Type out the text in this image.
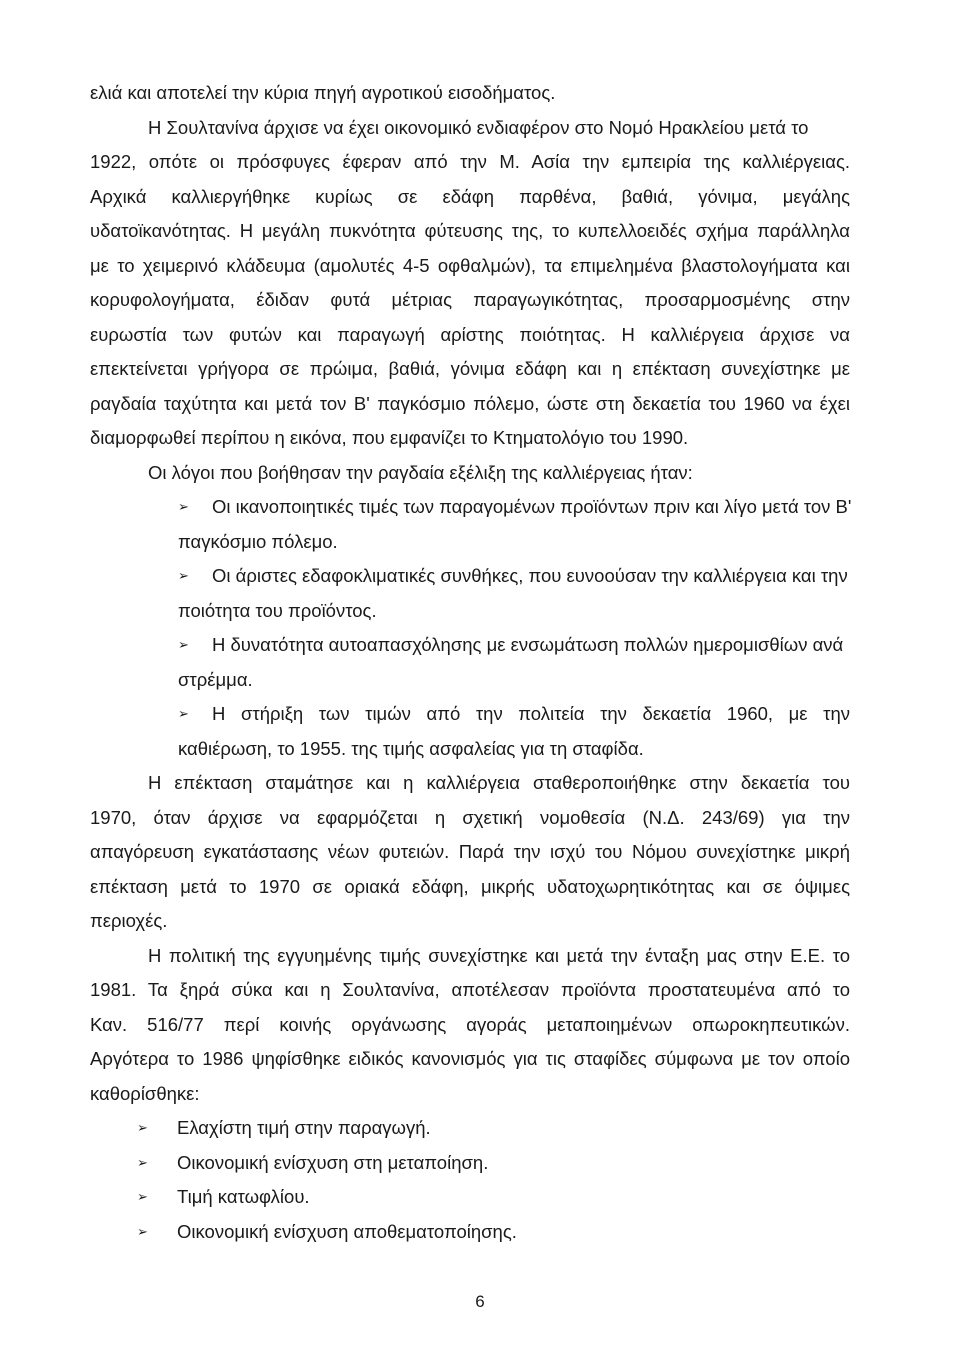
ελιά και αποτελεί την κύρια πηγή αγροτικού εισοδήματος.
Η Σουλτανίνα άρχισε να έχει οικονομικό ενδιαφέρον στο Νομό Ηρακλείου μετά το
1922, οπότε οι πρόσφυγες έφεραν από την Μ. Ασία την εμπειρία της καλλιέργειας.
Αρχικά καλλιεργήθηκε κυρίως σε εδάφη παρθένα, βαθιά, γόνιμα, μεγάλης
υδατοϊκανότητας. Η μεγάλη πυκνότητα φύτευσης της, το κυπελλοειδές σχήμα παράλληλα
με το χειμερινό κλάδευμα (αμολυτές 4-5 οφθαλμών), τα επιμελημένα βλαστολογήματα και
κορυφολογήματα, έδιδαν φυτά μέτριας παραγωγικότητας, προσαρμοσμένης στην
ευρωστία των φυτών και παραγωγή αρίστης ποιότητας. Η καλλιέργεια άρχισε να
επεκτείνεται γρήγορα σε πρώιμα, βαθιά, γόνιμα εδάφη και η επέκταση συνεχίστηκε με
ραγδαία ταχύτητα και μετά τον Β' παγκόσμιο πόλεμο, ώστε στη δεκαετία του 1960 να έχει
διαμορφωθεί περίπου η εικόνα, που εμφανίζει το Κτηματολόγιο του 1990.
Οι λόγοι που βοήθησαν την ραγδαία εξέλιξη της καλλιέργειας ήταν:
➢	Οι ικανοποιητικές τιμές των παραγομένων προϊόντων πριν και λίγο μετά τον Β'
παγκόσμιο πόλεμο.
➢	Οι άριστες εδαφοκλιματικές συνθήκες, που ευνοούσαν την καλλιέργεια και την
ποιότητα του προϊόντος.
➢	Η δυνατότητα αυτοαπασχόλησης με ενσωμάτωση πολλών ημερομισθίων ανά
στρέμμα.
➢	Η στήριξη των τιμών από την πολιτεία την δεκαετία 1960, με την
καθιέρωση, το 1955. της τιμής ασφαλείας για τη σταφίδα.
Η επέκταση σταμάτησε και η καλλιέργεια σταθεροποιήθηκε στην δεκαετία του
1970, όταν άρχισε να εφαρμόζεται η σχετική νομοθεσία (Ν.Δ. 243/69) για την
απαγόρευση εγκατάστασης νέων φυτειών. Παρά την ισχύ του Νόμου συνεχίστηκε μικρή
επέκταση μετά το 1970 σε οριακά εδάφη, μικρής υδατοχωρητικότητας και σε όψιμες
περιοχές.
Η πολιτική της εγγυημένης τιμής συνεχίστηκε και μετά την ένταξη μας στην Ε.Ε. το
1981. Τα ξηρά σύκα και η Σουλτανίνα, αποτέλεσαν προϊόντα προστατευμένα από το
Καν. 516/77 περί κοινής οργάνωσης αγοράς μεταποιημένων οπωροκηπευτικών.
Αργότερα το 1986 ψηφίσθηκε ειδικός κανονισμός για τις σταφίδες σύμφωνα με τον οποίο
καθορίσθηκε:
➢	Ελαχίστη τιμή στην παραγωγή.
➢	Οικονομική ενίσχυση στη μεταποίηση.
➢	Τιμή κατωφλίου.
➢	Οικονομική ενίσχυση αποθεματοποίησης.
6
